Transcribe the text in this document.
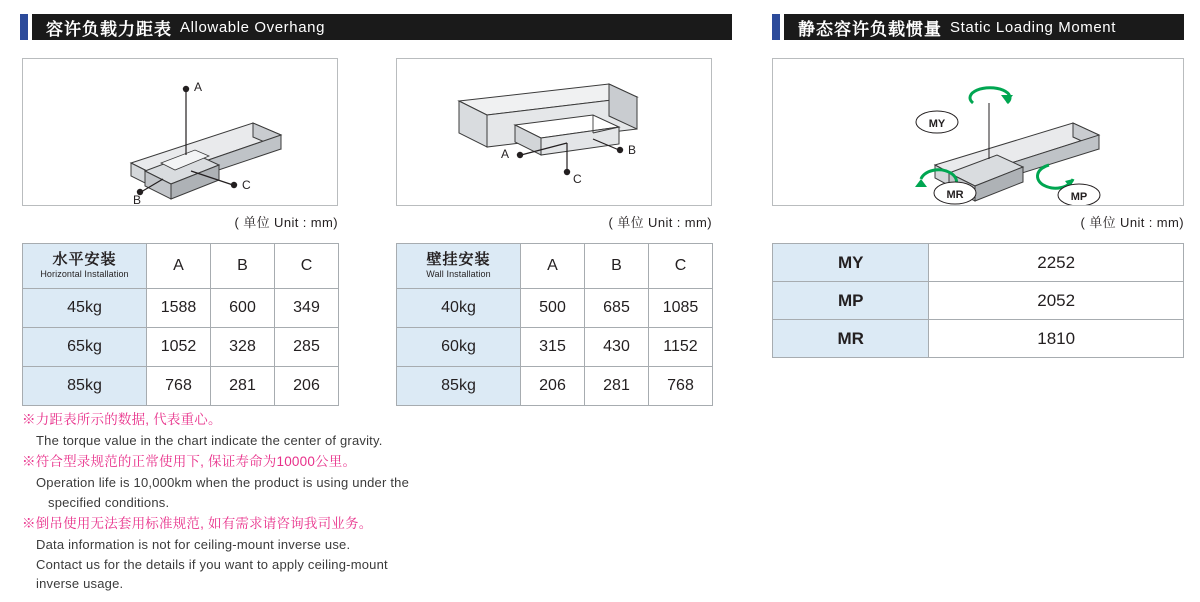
容许负载力距表 Allowable Overhang	静态容许负载惯量 Static Loading Moment
A
C
B
B
A
C
MY
MP
MR
( 单位 Unit : mm)	( 单位 Unit : mm)	( 单位 Unit : mm)
水平安装
Horizontal Installation	A	B	C
45kg	1588	600	349
65kg	1052	328	285
85kg	768	281	206
壁挂安装
Wall Installation	A	B	C
40kg	500	685	1085
60kg	315	430	1152
85kg	206	281	768
MY	2252
MP	2052
MR	1810
※力距表所示的数据, 代表重心。
The torque value in the chart indicate the center of gravity.
※符合型录规范的正常使用下, 保证寿命为10000公里。
Operation life is 10,000km when the product is using under the
specified conditions.
※倒吊使用无法套用标准规范, 如有需求请咨询我司业务。
Data information is not for ceiling-mount inverse use.
Contact us for the details if you want to apply ceiling-mount
inverse usage.
